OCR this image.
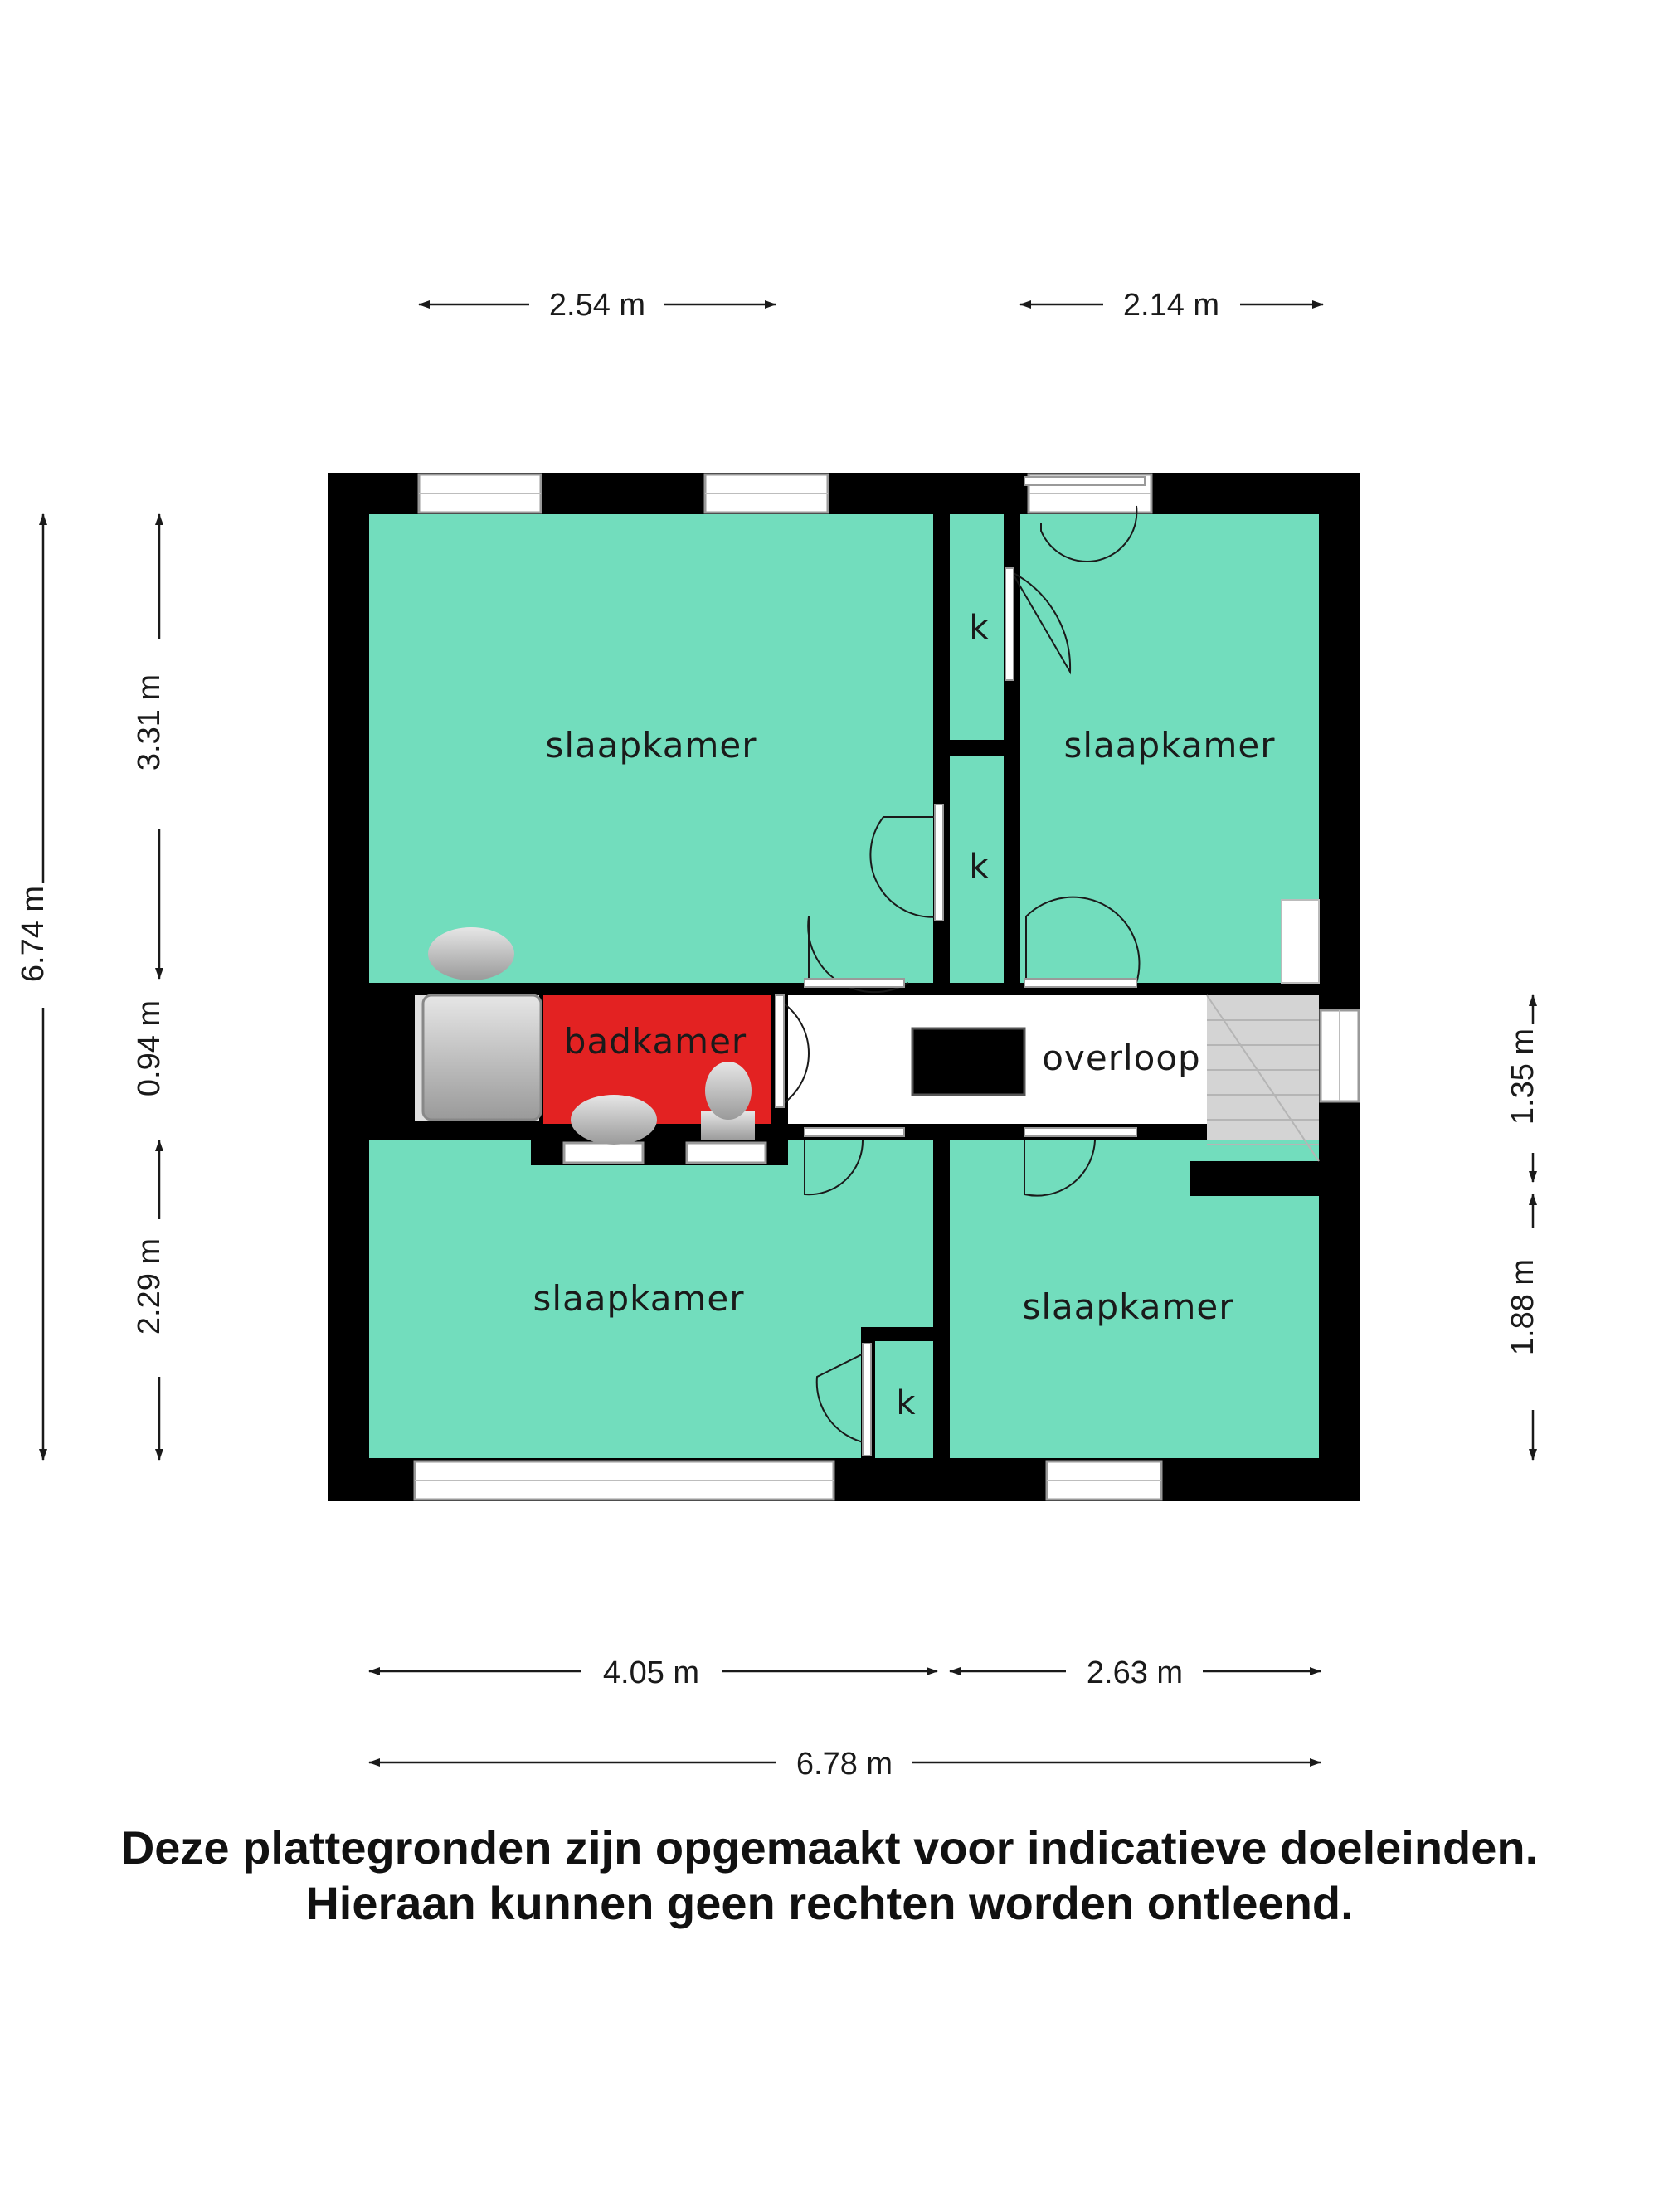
slaapkamer	slaapkamer
slaapkamer	slaapkamer
badkamer	overloop
k
k
k
2.54 m	2.14 m
4.05 m	2.63 m
6.78 m
6.74 m
3.31 m
0.94 m
2.29 m
1.35 m
1.88 m

Deze plattegronden zijn opgemaakt voor indicatieve doeleinden.

Hieraan kunnen geen rechten worden ontleend.
